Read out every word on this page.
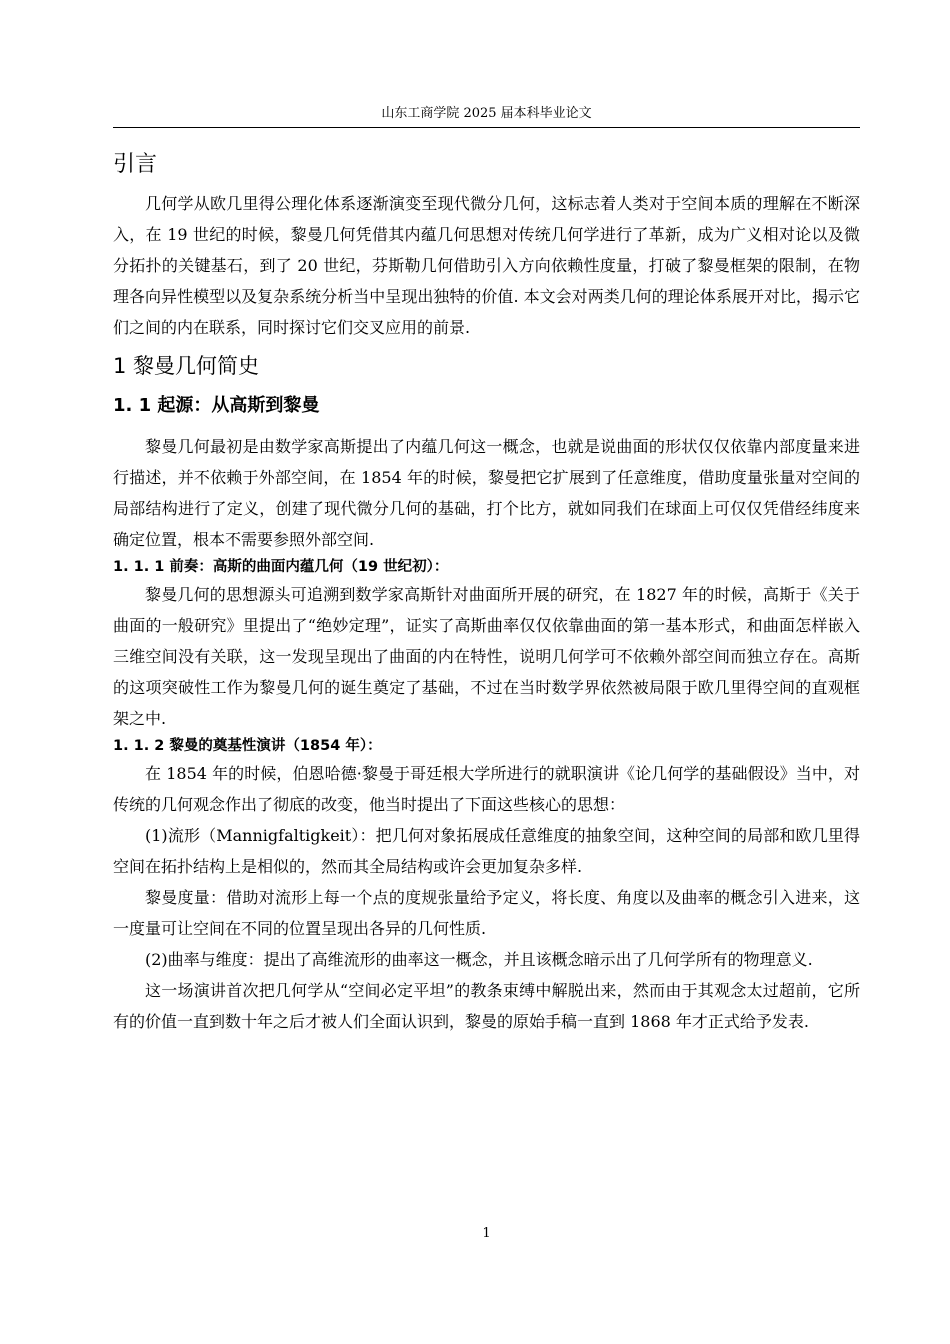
山东工商学院 2025 届本科毕业论文
引言

几何学从欧几里得公理化体系逐渐演变至现代微分几何，这标志着人类对于空间本质的理解在不断深入，在 19 世纪的时候，黎曼几何凭借其内蕴几何思想对传统几何学进行了革新，成为广义相对论以及微分拓扑的关键基石，到了 20 世纪，芬斯勒几何借助引入方向依赖性度量，打破了黎曼框架的限制，在物理各向异性模型以及复杂系统分析当中呈现出独特的价值. 本文会对两类几何的理论体系展开对比，揭示它们之间的内在联系，同时探讨它们交叉应用的前景.

1 黎曼几何简史
1. 1 起源：从高斯到黎曼

黎曼几何最初是由数学家高斯提出了内蕴几何这一概念，也就是说曲面的形状仅仅依靠内部度量来进行描述，并不依赖于外部空间，在 1854 年的时候，黎曼把它扩展到了任意维度，借助度量张量对空间的局部结构进行了定义，创建了现代微分几何的基础，打个比方，就如同我们在球面上可仅仅凭借经纬度来确定位置，根本不需要参照外部空间.

1. 1. 1 前奏：高斯的曲面内蕴几何（19 世纪初）：

黎曼几何的思想源头可追溯到数学家高斯针对曲面所开展的研究，在 1827 年的时候，高斯于《关于曲面的一般研究》里提出了“绝妙定理”，证实了高斯曲率仅仅依靠曲面的第一基本形式，和曲面怎样嵌入三维空间没有关联，这一发现呈现出了曲面的内在特性，说明几何学可不依赖外部空间而独立存在。高斯的这项突破性工作为黎曼几何的诞生奠定了基础，不过在当时数学界依然被局限于欧几里得空间的直观框架之中.

1. 1. 2 黎曼的奠基性演讲（1854 年）：

在 1854 年的时候，伯恩哈德·黎曼于哥廷根大学所进行的就职演讲《论几何学的基础假设》当中，对传统的几何观念作出了彻底的改变，他当时提出了下面这些核心的思想：

(1)流形（Mannigfaltigkeit）：把几何对象拓展成任意维度的抽象空间，这种空间的局部和欧几里得空间在拓扑结构上是相似的，然而其全局结构或许会更加复杂多样.

黎曼度量：借助对流形上每一个点的度规张量给予定义，将长度、角度以及曲率的概念引入进来，这一度量可让空间在不同的位置呈现出各异的几何性质.

(2)曲率与维度：提出了高维流形的曲率这一概念，并且该概念暗示出了几何学所有的物理意义.

这一场演讲首次把几何学从“空间必定平坦”的教条束缚中解脱出来，然而由于其观念太过超前，它所有的价值一直到数十年之后才被人们全面认识到，黎曼的原始手稿一直到 1868 年才正式给予发表.

1
